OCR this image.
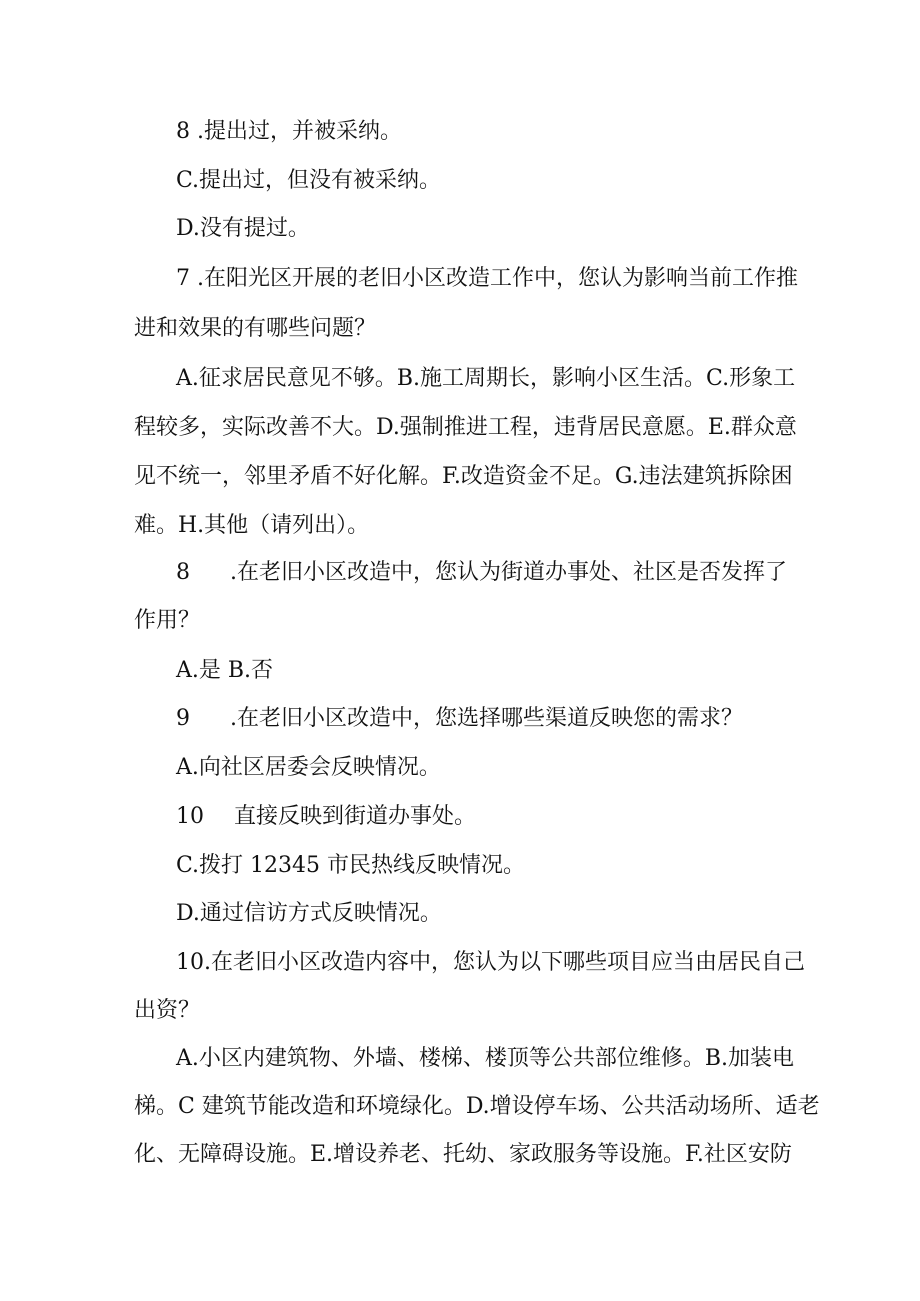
8 .提出过，并被采纳。
C.提出过，但没有被采纳。
D.没有提过。
7 .在阳光区开展的老旧小区改造工作中，您认为影响当前工作推
进和效果的有哪些问题？
A.征求居民意见不够。B.施工周期长，影响小区生活。C.形象工
程较多，实际改善不大。D.强制推进工程，违背居民意愿。E.群众意
见不统一，邻里矛盾不好化解。F.改造资金不足。G.违法建筑拆除困
难。H.其他（请列出）。
8 .在老旧小区改造中，您认为街道办事处、社区是否发挥了
作用？
A.是 B.否
9 .在老旧小区改造中，您选择哪些渠道反映您的需求？
A.向社区居委会反映情况。
10 直接反映到街道办事处。
C.拨打 12345 市民热线反映情况。
D.通过信访方式反映情况。
10.在老旧小区改造内容中，您认为以下哪些项目应当由居民自己
出资？
A.小区内建筑物、外墙、楼梯、楼顶等公共部位维修。B.加装电
梯。C 建筑节能改造和环境绿化。D.增设停车场、公共活动场所、适老
化、无障碍设施。E.增设养老、托幼、家政服务等设施。F.社区安防
